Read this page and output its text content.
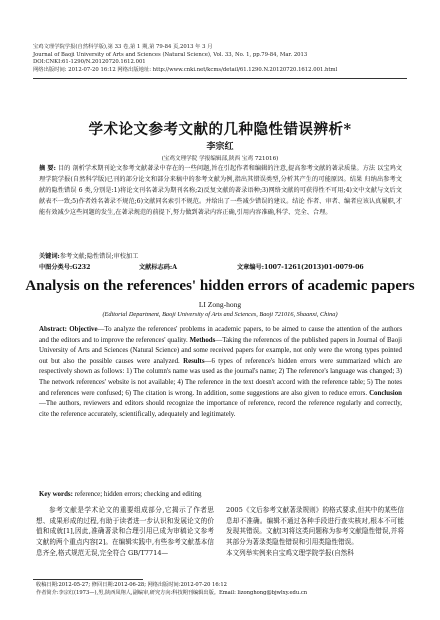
宝鸡文理学院学报(自然科学版),第 33 卷,第 1 期,第 79-84 页,2013 年 3 月
Journal of Baoji University of Arts and Sciences (Natural Science), Vol. 33, No. 1, pp.79-84, Mar. 2013
DOI:CNKI:61-1290/N.20120720.1612.001
网络出版时间: 2012-07-20 16:12 网络出版地址: http://www.cnki.net/kcms/detail/61.1290.N.20120720.1612.001.html
学术论文参考文献的几种隐性错误辨析*
李宗红
(宝鸡文理学院 学报编辑部,陕西 宝鸡 721016)
摘 要: 目的 剖析学术期刊论文参考文献著录中存在的一些问题,旨在引起作者和编辑的注意,提高参考文献的著录质量。方法 以宝鸡文理学院学报(自然科学版)已刊的部分论文和部分来稿中的参考文献为例,指出其错误类型,分析其产生的可能原因。结果 归纳出参考文献的隐性错误 6 类,分别是:1)将论文刊名著录为期刊名称;2)反复文献的著录语种;3)网络文献的可获得性不可用;4)文中文献与文后文献表不一致;5)作者姓名著录不规范;6)文献同名索引不规范。并给出了一些减少错误的建议。结论 作者、审者、编者应该认真履职,才能有效减少这些问题的发生,在著录规范的前提下,努力做到著录内容正确,引用内容准确,科学、完全、合理。
关键词:参考文献;隐性错误;审校加工
中图分类号:G232	文献标志码:A	文章编号:1007-1261(2013)01-0079-06
Analysis on the references' hidden errors of academic papers
LI Zong-hong
(Editorial Department, Baoji University of Arts and Sciences, Baoji 721016, Shaanxi, China)
Abstract: Objective—To analyze the references' problems in academic papers, to be aimed to cause the attention of the authors and the editors and to improve the references' quality. Methods—Taking the references of the published papers in Journal of Baoji University of Arts and Sciences (Natural Science) and some received papers for example, not only were the wrong types pointed out but also the possible causes were analyzed. Results—6 types of reference's hidden errors were summarized which are respectively shown as follows: 1) The column's name was used as the journal's name; 2) The reference's language was changed; 3) The network references' website is not available; 4) The reference in the text doesn't accord with the reference table; 5) The notes and references were confused; 6) The citation is wrong. In addition, some suggestions are also given to reduce errors. Conclusion—The authors, reviewers and editors should recognize the importance of reference, record the reference regularly and correctly, cite the reference accurately, scientifically, adequately and legitimately.
Key words: reference; hidden errors; checking and editing
参考文献是学术论文的重要组成部分,它揭示了作者思想、成果形成的过程,有助于读者进一步认识和发展论文的价值和成就[1],因此,准确著录和合理引用已成为审稿论文参考文献的两个重点内容[2]。在编辑实践中,有些参考文献基本信息齐全,格式规范无误,完全符合 GB/T7714—
2005《文后参考文献著录规则》的格式要求,但其中的某些信息却不准确。编辑不通过各种手段进行查实核对,根本不可能发现其错误。文献[3]将这类问题称为参考文献隐性错误,并将其部分为著录类隐性错误和引用类隐性错误。
本文列举实例来自宝鸡文理学院学报(自然科
收稿日期:2012-05-27; 修回日期:2012-06-28; 网络出版时间:2012-07-20 16:12
作者简介:李宗红(1973—),男,陕西凤翔人,副编审,研究方向:科技期刊编辑出版。Email: lizonghong@bjwlxy.edu.cn
